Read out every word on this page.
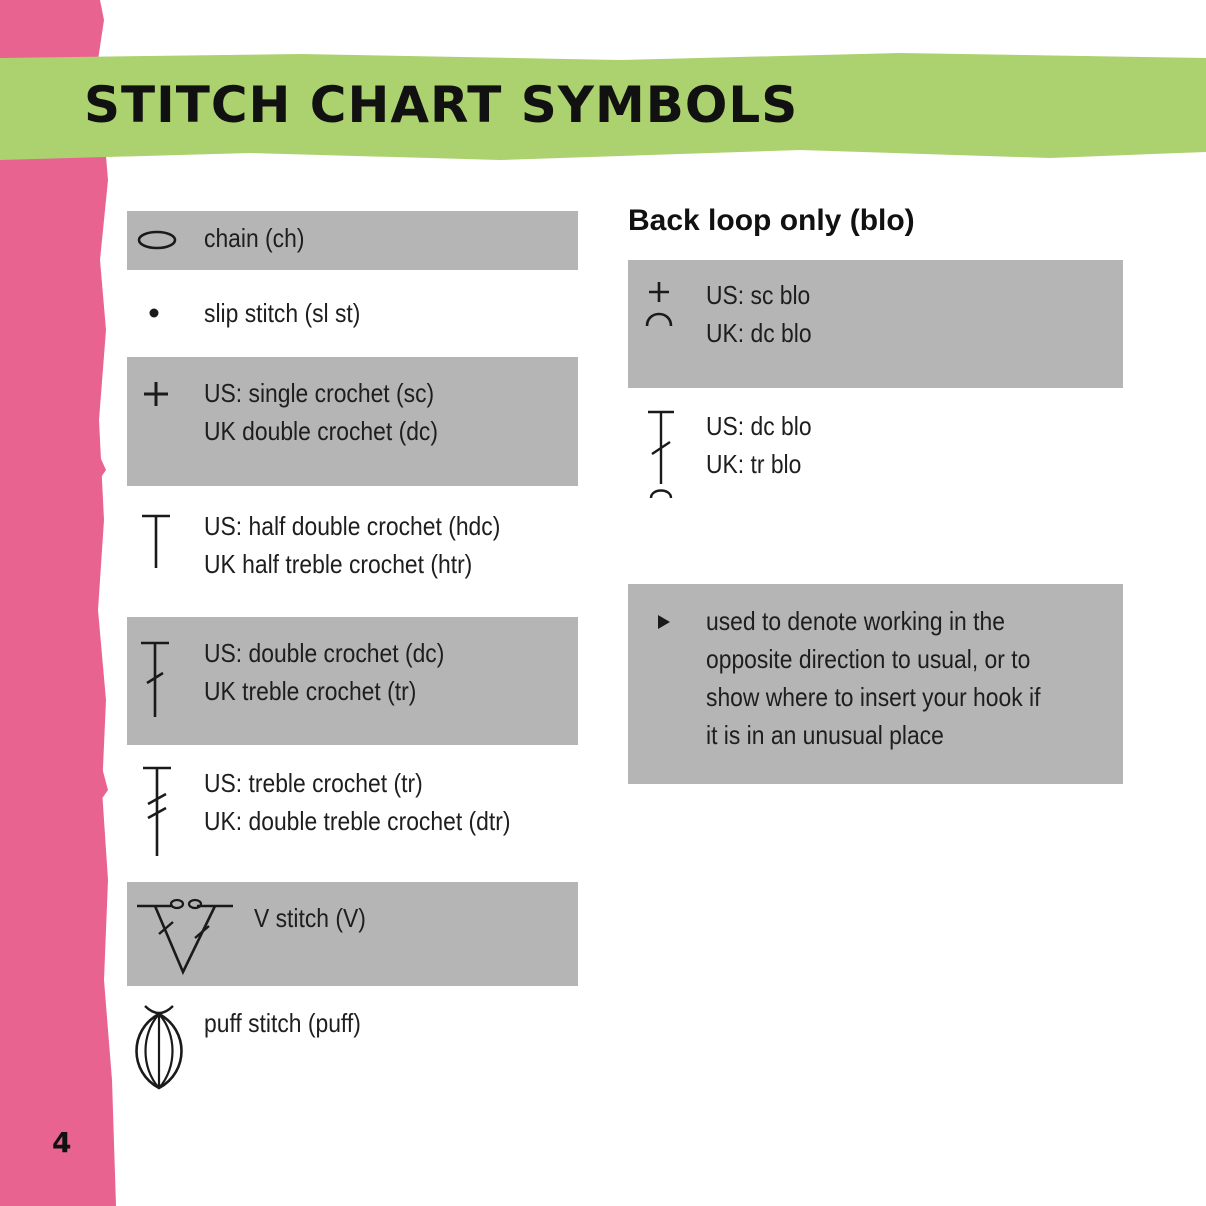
STITCH CHART SYMBOLS
chain (ch)
slip stitch (sl st)
US: single crochet (sc)
UK double crochet (dc)
US: half double crochet (hdc)
UK half treble crochet (htr)
US: double crochet (dc)
UK treble crochet (tr)
US: treble crochet (tr)
UK: double treble crochet (dtr)
V stitch (V)
puff stitch (puff)
Back loop only (blo)
US: sc blo
UK: dc blo
US: dc blo
UK: tr blo
used to denote working in the
opposite direction to usual, or to
show where to insert your hook if
it is in an unusual place
4
